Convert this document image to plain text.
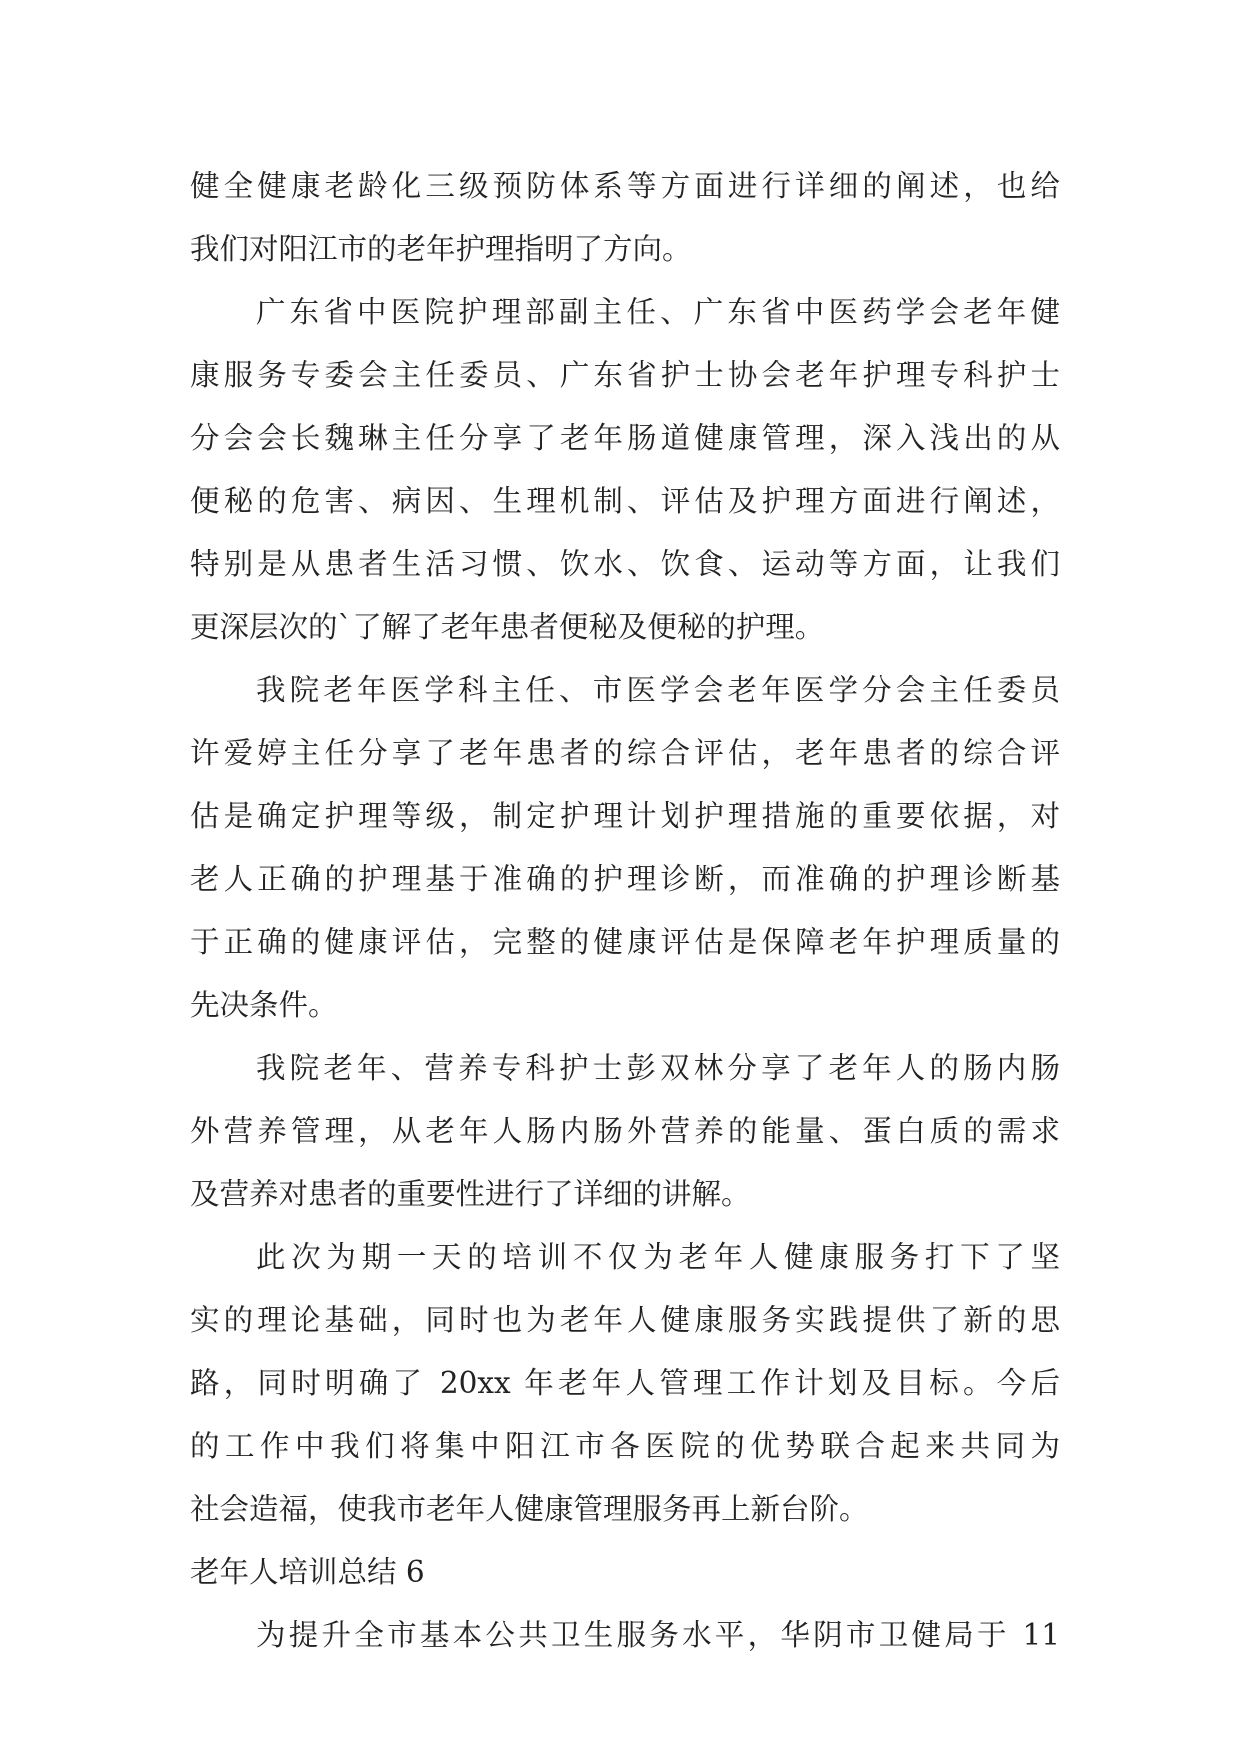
健全健康老龄化三级预防体系等方面进行详细的阐述，也给
我们对阳江市的老年护理指明了方向。
广东省中医院护理部副主任、广东省中医药学会老年健
康服务专委会主任委员、广东省护士协会老年护理专科护士
分会会长魏琳主任分享了老年肠道健康管理，深入浅出的从
便秘的危害、病因、生理机制、评估及护理方面进行阐述，
特别是从患者生活习惯、饮水、饮食、运动等方面，让我们
更深层次的`了解了老年患者便秘及便秘的护理。
我院老年医学科主任、市医学会老年医学分会主任委员
许爱婷主任分享了老年患者的综合评估，老年患者的综合评
估是确定护理等级，制定护理计划护理措施的重要依据，对
老人正确的护理基于准确的护理诊断，而准确的护理诊断基
于正确的健康评估，完整的健康评估是保障老年护理质量的
先决条件。
我院老年、营养专科护士彭双林分享了老年人的肠内肠
外营养管理，从老年人肠内肠外营养的能量、蛋白质的需求
及营养对患者的重要性进行了详细的讲解。
此次为期一天的培训不仅为老年人健康服务打下了坚
实的理论基础，同时也为老年人健康服务实践提供了新的思
路，同时明确了 20xx 年老年人管理工作计划及目标。今后
的工作中我们将集中阳江市各医院的优势联合起来共同为
社会造福，使我市老年人健康管理服务再上新台阶。
老年人培训总结 6
为提升全市基本公共卫生服务水平，华阴市卫健局于 11
